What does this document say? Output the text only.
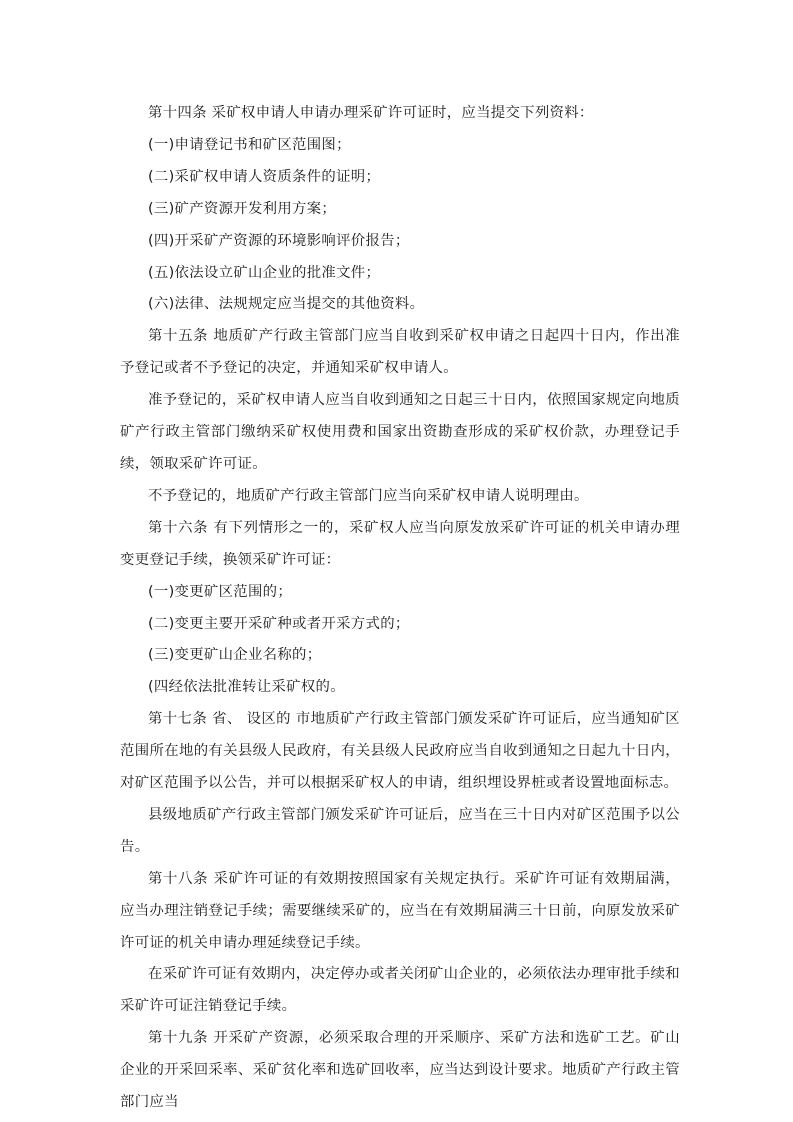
第十四条 采矿权申请人申请办理采矿许可证时，应当提交下列资料：

(一)申请登记书和矿区范围图；

(二)采矿权申请人资质条件的证明；

(三)矿产资源开发利用方案；

(四)开采矿产资源的环境影响评价报告；

(五)依法设立矿山企业的批准文件；

(六)法律、法规规定应当提交的其他资料。

第十五条 地质矿产行政主管部门应当自收到采矿权申请之日起四十日内，作出准予登记或者不予登记的决定，并通知采矿权申请人。

准予登记的，采矿权申请人应当自收到通知之日起三十日内，依照国家规定向地质矿产行政主管部门缴纳采矿权使用费和国家出资勘查形成的采矿权价款，办理登记手续，领取采矿许可证。

不予登记的，地质矿产行政主管部门应当向采矿权申请人说明理由。

第十六条 有下列情形之一的，采矿权人应当向原发放采矿许可证的机关申请办理变更登记手续，换领采矿许可证：

(一)变更矿区范围的；

(二)变更主要开采矿种或者开采方式的；

(三)变更矿山企业名称的；

(四经依法批准转让采矿权的。

第十七条 省、 设区的 市地质矿产行政主管部门颁发采矿许可证后，应当通知矿区范围所在地的有关县级人民政府，有关县级人民政府应当自收到通知之日起九十日内，对矿区范围予以公告，并可以根据采矿权人的申请，组织埋设界桩或者设置地面标志。

县级地质矿产行政主管部门颁发采矿许可证后，应当在三十日内对矿区范围予以公告。

第十八条 采矿许可证的有效期按照国家有关规定执行。采矿许可证有效期届满，应当办理注销登记手续；需要继续采矿的，应当在有效期届满三十日前，向原发放采矿许可证的机关申请办理延续登记手续。

在采矿许可证有效期内，决定停办或者关闭矿山企业的，必须依法办理审批手续和采矿许可证注销登记手续。

第十九条 开采矿产资源，必须采取合理的开采顺序、采矿方法和选矿工艺。矿山企业的开采回采率、采矿贫化率和选矿回收率，应当达到设计要求。地质矿产行政主管部门应当
